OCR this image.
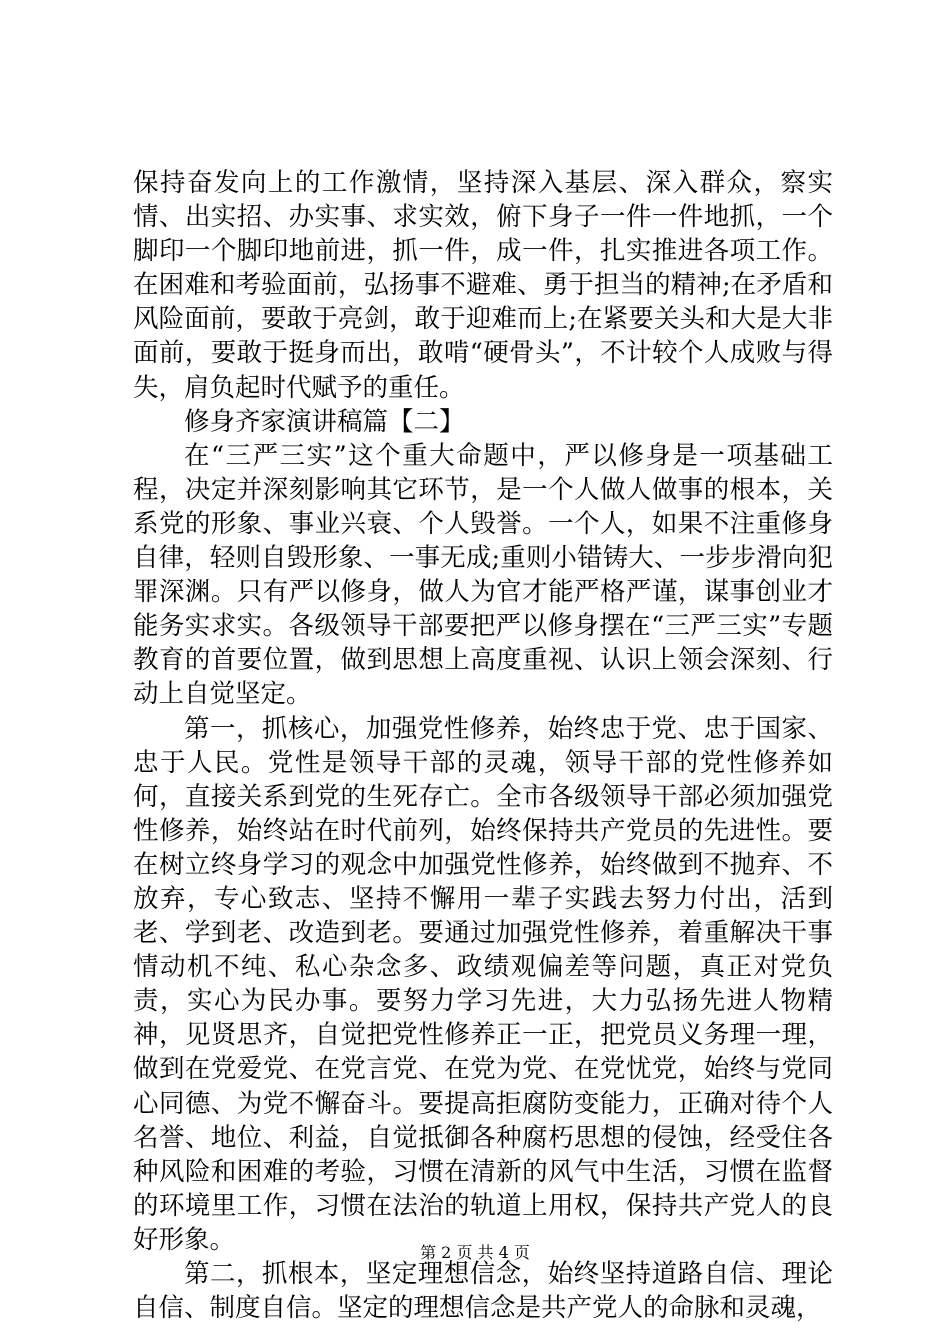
保持奋发向上的工作激情，坚持深入基层、深入群众，察实情、出实招、办实事、求实效，俯下身子一件一件地抓，一个脚印一个脚印地前进，抓一件，成一件，扎实推进各项工作。在困难和考验面前，弘扬事不避难、勇于担当的精神;在矛盾和风险面前，要敢于亮剑，敢于迎难而上;在紧要关头和大是大非面前，要敢于挺身而出，敢啃“硬骨头”，不计较个人成败与得失，肩负起时代赋予的重任。

修身齐家演讲稿篇【二】

在“三严三实”这个重大命题中，严以修身是一项基础工程，决定并深刻影响其它环节，是一个人做人做事的根本，关系党的形象、事业兴衰、个人毁誉。一个人，如果不注重修身自律，轻则自毁形象、一事无成;重则小错铸大、一步步滑向犯罪深渊。只有严以修身，做人为官才能严格严谨，谋事创业才能务实求实。各级领导干部要把严以修身摆在“三严三实”专题教育的首要位置，做到思想上高度重视、认识上领会深刻、行动上自觉坚定。

第一，抓核心，加强党性修养，始终忠于党、忠于国家、忠于人民。党性是领导干部的灵魂，领导干部的党性修养如何，直接关系到党的生死存亡。全市各级领导干部必须加强党性修养，始终站在时代前列，始终保持共产党员的先进性。要在树立终身学习的观念中加强党性修养，始终做到不抛弃、不放弃，专心致志、坚持不懈用一辈子实践去努力付出，活到老、学到老、改造到老。要通过加强党性修养，着重解决干事情动机不纯、私心杂念多、政绩观偏差等问题，真正对党负责，实心为民办事。要努力学习先进，大力弘扬先进人物精神，见贤思齐，自觉把党性修养正一正，把党员义务理一理，做到在党爱党、在党言党、在党为党、在党忧党，始终与党同心同德、为党不懈奋斗。要提高拒腐防变能力，正确对待个人名誉、地位、利益，自觉抵御各种腐朽思想的侵蚀，经受住各种风险和困难的考验，习惯在清新的风气中生活，习惯在监督的环境里工作，习惯在法治的轨道上用权，保持共产党人的良好形象。

第二，抓根本，坚定理想信念，始终坚持道路自信、理论自信、制度自信。坚定的理想信念是共产党人的命脉和灵魂，

第 2 页 共 4 页
